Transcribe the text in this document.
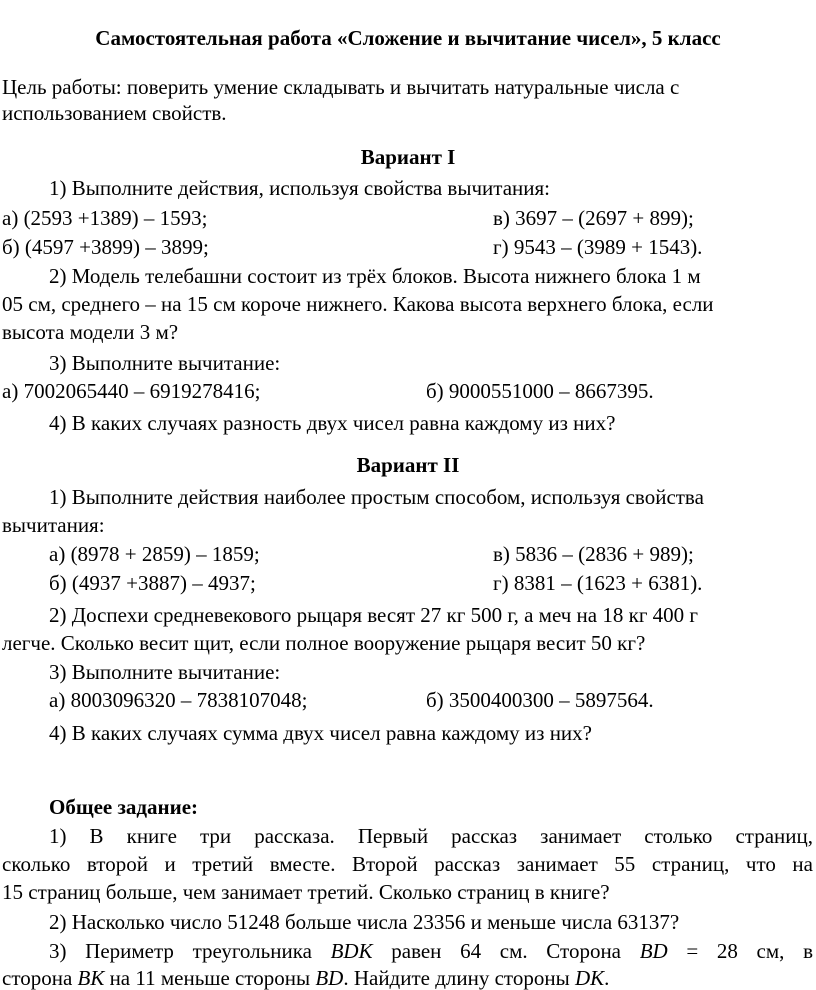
Самостоятельная работа «Сложение и вычитание чисел», 5 класс
Цель работы: поверить умение складывать и вычитать натуральные числа с
использованием свойств.
Вариант I
1) Выполните действия, используя свойства вычитания:
а) (2593 +1389) – 1593;	в) 3697 – (2697 + 899);
б) (4597 +3899) – 3899;	г) 9543 – (3989 + 1543).
2) Модель телебашни состоит из трёх блоков. Высота нижнего блока 1 м
05 см, среднего – на 15 см короче нижнего. Какова высота верхнего блока, если
высота модели 3 м?
3) Выполните вычитание:
а) 7002065440 – 6919278416;	б) 9000551000 – 8667395.
4) В каких случаях разность двух чисел равна каждому из них?
Вариант II
1) Выполните действия наиболее простым способом, используя свойства
вычитания:
а) (8978 + 2859) – 1859;	в) 5836 – (2836 + 989);
б) (4937 +3887) – 4937;	г) 8381 – (1623 + 6381).
2) Доспехи средневекового рыцаря весят 27 кг 500 г, а меч на 18 кг 400 г
легче. Сколько весит щит, если полное вооружение рыцаря весит 50 кг?
3) Выполните вычитание:
а) 8003096320 – 7838107048;	б) 3500400300 – 5897564.
4) В каких случаях сумма двух чисел равна каждому из них?
Общее задание:
1) В книге три рассказа. Первый рассказ занимает столько страниц,
сколько второй и третий вместе. Второй рассказ занимает 55 страниц, что на
15 страниц больше, чем занимает третий. Сколько страниц в книге?
2) Насколько число 51248 больше числа 23356 и меньше числа 63137?
3) Периметр треугольника BDK равен 64 см. Сторона BD = 28 см, в
сторона ВК на 11 меньше стороны BD. Найдите длину стороны DK.
